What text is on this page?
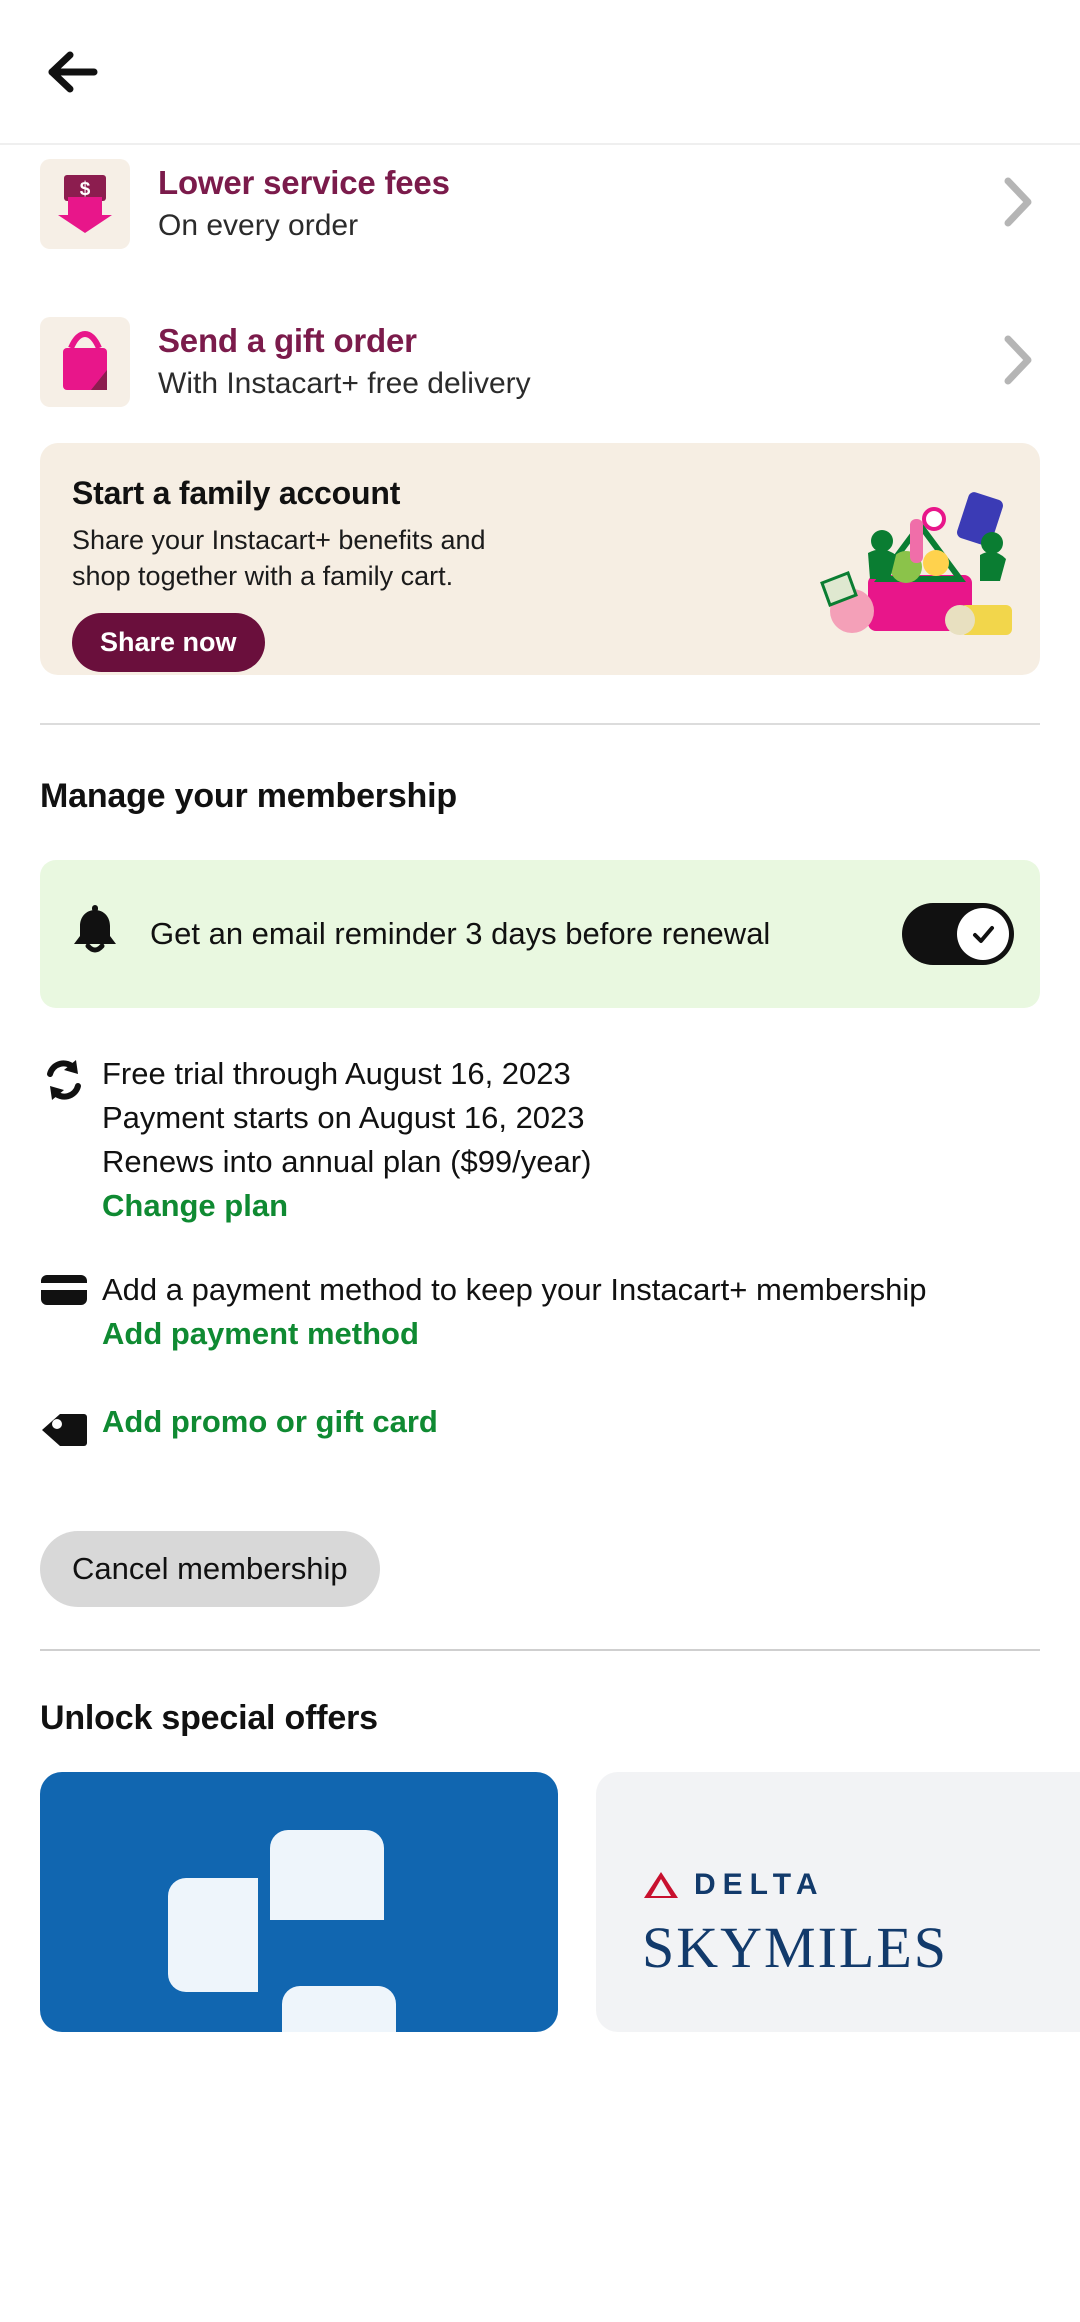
$ Lower service fees
On every order
Send a gift order
With Instacart+ free delivery
Start a family account
Share your Instacart+ benefits and shop together with a family cart.
Share now
Manage your membership
Get an email reminder 3 days before renewal
Free trial through August 16, 2023
Payment starts on August 16, 2023
Renews into annual plan ($99/year)
Change plan
Add a payment method to keep your Instacart+ membership
Add payment method
Add promo or gift card
Cancel membership
Unlock special offers
DELTA
SKYMILES
